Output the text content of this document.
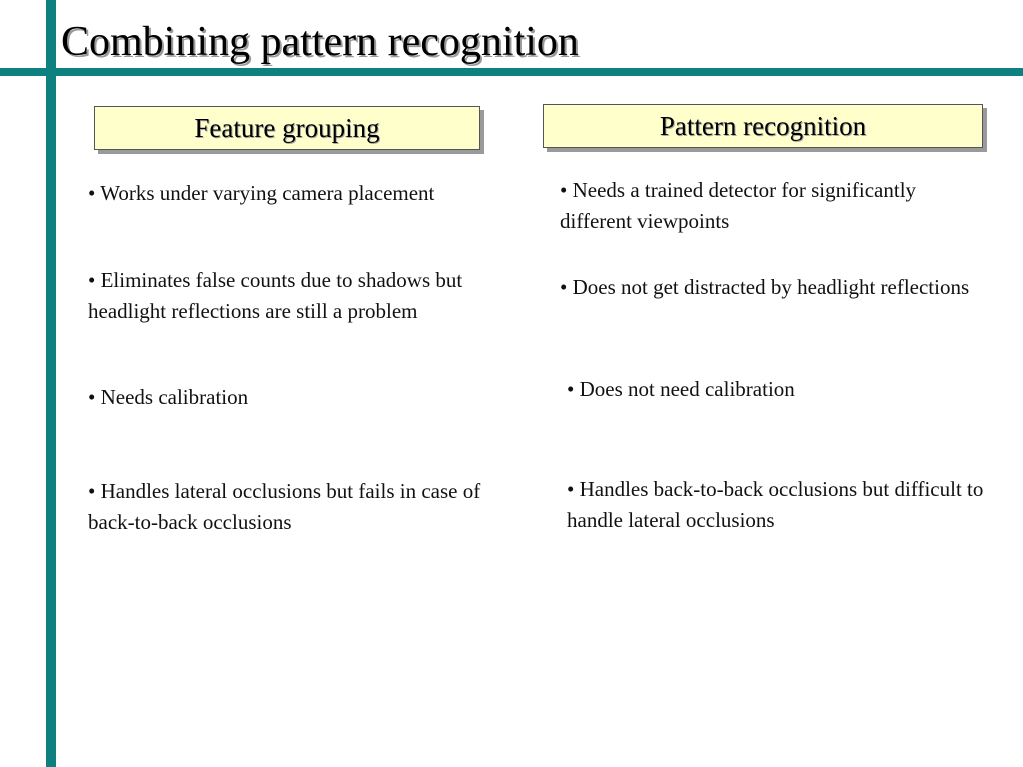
Combining pattern recognition
Feature grouping	Pattern recognition

• Works under varying camera placement

• Eliminates false counts due to shadows but headlight reflections are still a problem

• Needs calibration

• Handles lateral occlusions but fails in case of back-to-back occlusions

• Needs a trained detector for significantly different viewpoints

• Does not get distracted by headlight reflections

• Does not need calibration

• Handles back-to-back occlusions but difficult to handle lateral occlusions
